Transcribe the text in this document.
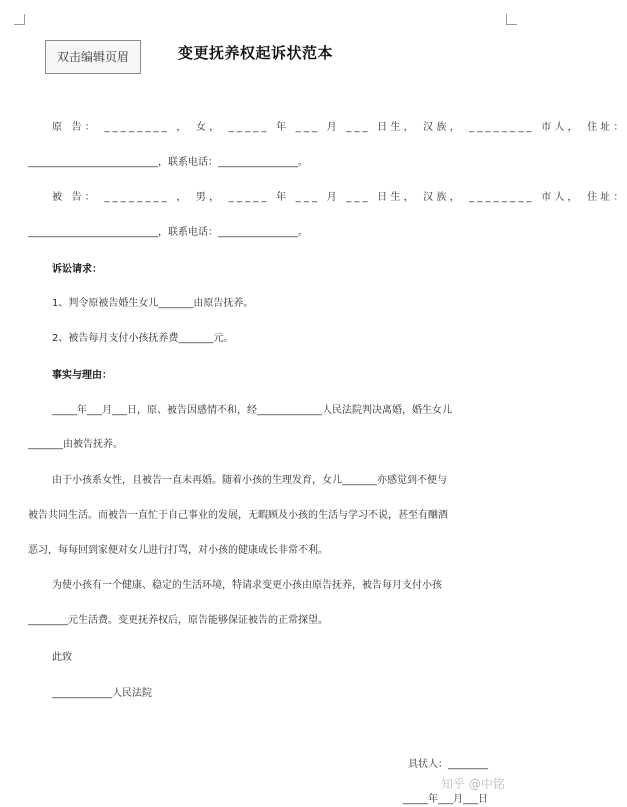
双击编辑页眉	变更抚养权起诉状范本
原 告： ________ ， 女， _____ 年 ___ 月 ___ 日生， 汉族， ________ 市人， 住址：
__________________________，联系电话：________________。
被 告： ________ ， 男， _____ 年 ___ 月 ___ 日生， 汉族， ________ 市人， 住址：
__________________________，联系电话：________________。
诉讼请求：
1、判令原被告婚生女儿_______由原告抚养。
2、被告每月支付小孩抚养费_______元。
事实与理由：
_____年___月___日，原、被告因感情不和，经_____________人民法院判决离婚，婚生女儿
_______由被告抚养。
由于小孩系女性，且被告一直未再婚。随着小孩的生理发育，女儿_______亦感觉到不便与
被告共同生活。而被告一直忙于自己事业的发展，无暇顾及小孩的生活与学习不说，甚至有酗酒
恶习，每每回到家便对女儿进行打骂，对小孩的健康成长非常不利。
为使小孩有一个健康、稳定的生活环境，特请求变更小孩由原告抚养，被告每月支付小孩
________元生活费。变更抚养权后，原告能够保证被告的正常探望。
此致
____________人民法院
具状人：________
_____年___月___日
知乎 @中铭
